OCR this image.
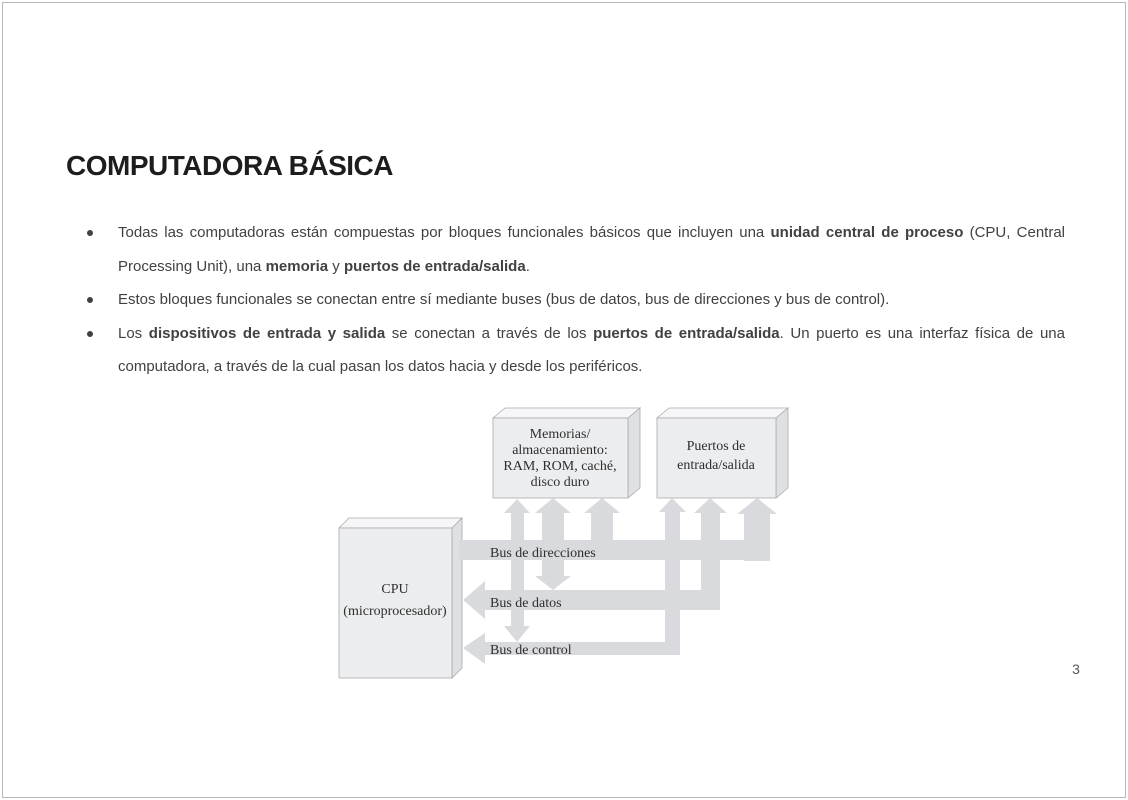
COMPUTADORA BÁSICA
Todas las computadoras están compuestas por bloques funcionales básicos que incluyen una unidad central de proceso (CPU, Central Processing Unit), una memoria y puertos de entrada/salida.
Estos bloques funcionales se conectan entre sí mediante buses (bus de datos, bus de direcciones y bus de control).
Los dispositivos de entrada y salida se conectan a través de los puertos de entrada/salida. Un puerto es una interfaz física de una computadora, a través de la cual pasan los datos hacia y desde los periféricos.
CPU
(microprocesador)
Memorias/
almacenamiento:
RAM, ROM, caché,
disco duro
Puertos de
entrada/salida
Bus de direcciones
Bus de datos
Bus de control
3
